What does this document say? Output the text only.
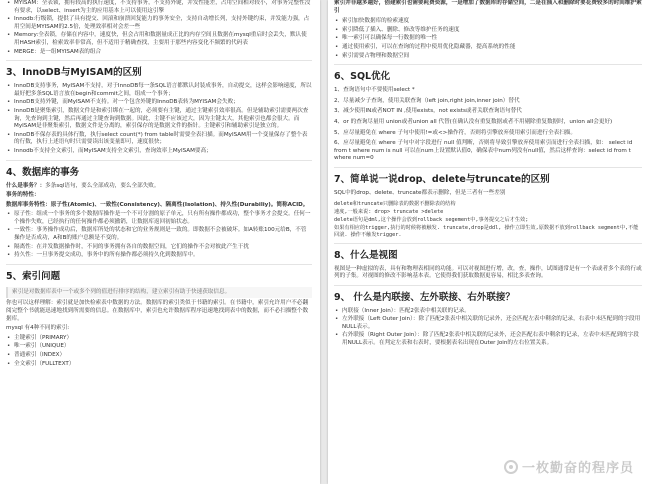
• MYISAM：全表锁，拥有较高的执行速度，不支持事务，不支持外键，并发性能差，占用空间相对较小，对事务完整性没有要求，以select、insert为主的应用基本上可以使用这引擎
• Innodb:行级锁，提供了具有提交、回滚和崩溃回复能力的事务安全，支持自动增长列，支持外键约束，并发能力强，占用空间是MYISAM的2.5倍，处理效率相对会差一些
• Memory:全表锁，存储在内容中，速度快，但会占用和数据量成正比的内存空间且数据在mysql重启时会丢失，默认使用HASH索引，检索效率非常高，但不适用于精确查找，主要用于那些内容变化不频繁的代码表
• MERGE：是一组MYISAM表的组合
3、InnoDB与MyISAM的区别
• InnoDB支持事务，MyISAM不支持，对于InnoDB每一条SQL语言都默认封装成事务，自动提交，这样会影响速度，所以最好把多条SQL语言放在begin和commit之间，组成一个事务；
• InnoDB支持外键，而MyISAM不支持。对一个包含外键的InnoDB表转为MYISAM会失败；
• InnoDB是聚集索引，数据文件是和索引绑在一起的，必须要有主键，通过主键索引效率很高。但是辅助索引需要两次查询，先查询到主键，然后再通过主键查询到数据。因此，主键不应该过大，因为主键太大，其他索引也都会很大。而MyISAM是非聚集索引，数据文件是分离的，索引保存的是数据文件的指针。主键索引和辅助索引是独立的。
• InnoDB不保存表的具体行数，执行select count(*) from table时需要全表扫描。而MyISAM用一个变量保存了整个表的行数，执行上述语句时只需要读出该变量即可，速度很快；
• Innodb不支持全文索引，而MyISAM支持全文索引，查询效率上MyISAM要高；
4、数据库的事务

什么是事务？：多条sql语句，要么全部成功，要么全部失败。

事务的特性：

数据库事务特性：原子性(Atomic)、一致性(Consistency)、隔离性(Isolation)、持久性(Durabiliy)。简称ACID。

• 原子性：组成一个事务的多个数据库操作是一个不可分割的原子单元，只有所有操作都成功，整个事务才会提交。任何一个操作失败，已经执行的任何操作都必须撤销，让数据库返回初始状态。
• 一致性：事务操作成功后，数据库所处的状态和它的业务规则是一致的。即数据不会被破坏。如A转账100元给B，不管操作是否成功，A和B的账户总额是不变的。
• 隔离性：在并发数据操作时，不同的事务拥有各自的数据空间，它们的操作不会对彼此产生干扰
• 持久性：一旦事务提交成功，事务中的所有操作都必须持久化到数据库中。
5、索引问题
索引是对数据库表中一个或多个列的值进行排序的结构，建立索引有助于快速获取信息。

你也可以这样理解：索引就是加快检索表中数据的方法。数据库的索引类似于书籍的索引。在书籍中，索引允许用户不必翻阅完整个书就能迅速地找到所需要的信息。在数据库中，索引也允许数据库程序迅速地找到表中的数据，而不必扫描整个数据库。

mysql 有4种不同的索引:

• 主键索引（PRIMARY）
• 唯一索引（UNIQUE）
• 普通索引（INDEX）
• 全文索引（FULLTEXT）

索引并非越多越好，创建索引也需要耗费资源，一是增加了数据库的存储空间，二是在插入和删除时要花费较多的时间维护索引

• 索引加快数据库的检索速度
• 索引降低了插入、删除、修改等维护任务的速度
• 唯一索引可以确保每一行数据的唯一性
• 通过使用索引，可以在查询的过程中使用优化隐藏器，提高系统的性能
• 索引需要占物理和数据空间
6、SQL优化
1、查询语句中不要使用select *
2、尽量减少子查询，使用关联查询（left join,right join,inner join）替代
3、减少使用IN或者NOT IN ,使用exists，not exists或者关联查询语句替代
4、or 的查询尽量用 union或者union all 代替(在确认没有重复数据或者不用剔除重复数据时，union all会更好)
5、应尽量避免在 where 子句中使用!=或<>操作符，否则将引擎放弃使用索引而进行全表扫描。
6、应尽量避免在 where 子句中对字段进行 null 值判断，否则将导致引擎放弃使用索引而进行全表扫描，如： select id from t where num is null 可以在num上设置默认值0，确保表中num列没有null值，然后这样查询：select id from t where num=0
7、简单说一说drop、delete与truncate的区别

SQL中的drop、delete、truncate都表示删除，但是三者有一些差别

delete和truncate只删除表的数据不删除表的结构

速度,一般来说: drop> truncate >delete

delete语句是dml,这个操作会放到rollback segement中,事务提交之后才生效;

如果有相应的trigger,执行的时候将被触发. truncate,drop是ddl, 操作立即生效,原数据不放到rollback segment中,不能回滚. 操作不触发trigger.

8、什么是视图

视图是一种虚拟的表，具有和物理表相同的功能。可以对视图进行增，改，查，操作，试图通常是有一个表或者多个表的行或列的子集。对视图的修改不影响基本表。它使得我们获取数据更容易，相比多表查询。

9、 什么是内联接、左外联接、右外联接？
• 内联接（Inner Join）：匹配2张表中相关联的记录。
• 左外联接（Left Outer Join）：除了匹配2张表中相关联的记录外，还会匹配左表中剩余的记录，右表中未匹配到的字段用NULL表示。
• 右外联接（Right Outer Join）：除了匹配2张表中相关联的记录外，还会匹配右表中剩余的记录，左表中未匹配到的字段用NULL表示。在判定左表和右表时，要根据表名出现在Outer Join的左右位置关系。
一枚勤奋的程序员
